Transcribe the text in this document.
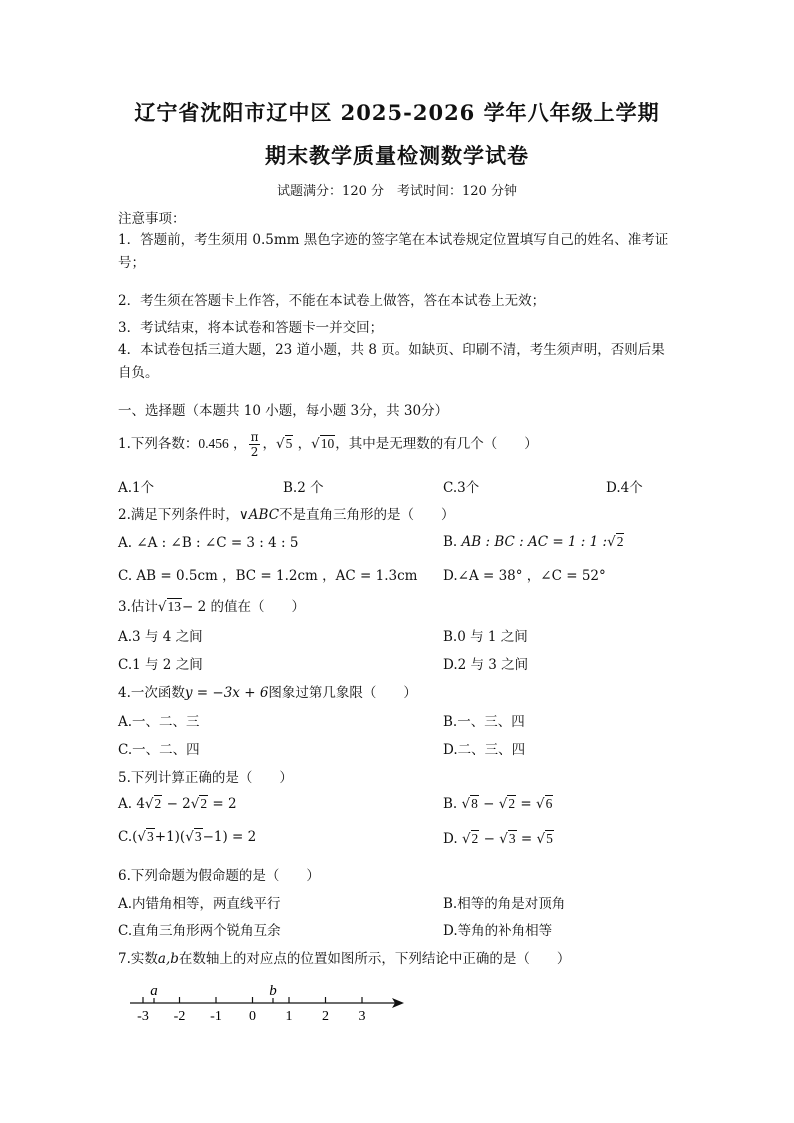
辽宁省沈阳市辽中区 2025-2026 学年八年级上学期
期末教学质量检测数学试卷
试题满分：120 分　考试时间：120 分钟
注意事项：
1．答题前，考生须用 0.5mm 黑色字迹的签字笔在本试卷规定位置填写自己的姓名、准考证号；
2．考生须在答题卡上作答，不能在本试卷上做答，答在本试卷上无效；
3．考试结束，将本试卷和答题卡一并交回；
4．本试卷包括三道大题，23 道小题，共 8 页。如缺页、印刷不清，考生须声明，否则后果自负。
一、选择题（本题共 10 小题，每小题 3分，共 30分）
1.下列各数：0.456 ， $\frac{\pi}{2}$ ，√5 ，√10，其中是无理数的有几个（　　）
A.1个	B.2 个	C.3个	D.4个
2.满足下列条件时，∨ABC不是直角三角形的是（　　）
A. ∠A : ∠B : ∠C = 3 : 4 : 5	B. AB : BC : AC = 1 : 1 :√2
C. AB = 0.5cm ，BC = 1.2cm ，AC = 1.3cm D.∠A = 38° ，∠C = 52°
3.估计√13− 2 的值在（　　）
A.3 与 4 之间	B.0 与 1 之间
C.1 与 2 之间	D.2 与 3 之间
4.一次函数y = −3x + 6图象过第几象限（　　）
A.一、二、三	B.一、三、四
C.一、二、四	D.二、三、四
5.下列计算正确的是（　　）
A. 4√2 − 2√2 = 2	B. √8 − √2 = √6
C.(√3+1)(√3−1) = 2	D. √2 − √3 = √5
6.下列命题为假命题的是（　　）
A.内错角相等，两直线平行	B.相等的角是对顶角
C.直角三角形两个锐角互余	D.等角的补角相等
7.实数a,b在数轴上的对应点的位置如图所示，下列结论中正确的是（　　）
-3 -2 -1 0 1 2 3
a	b
